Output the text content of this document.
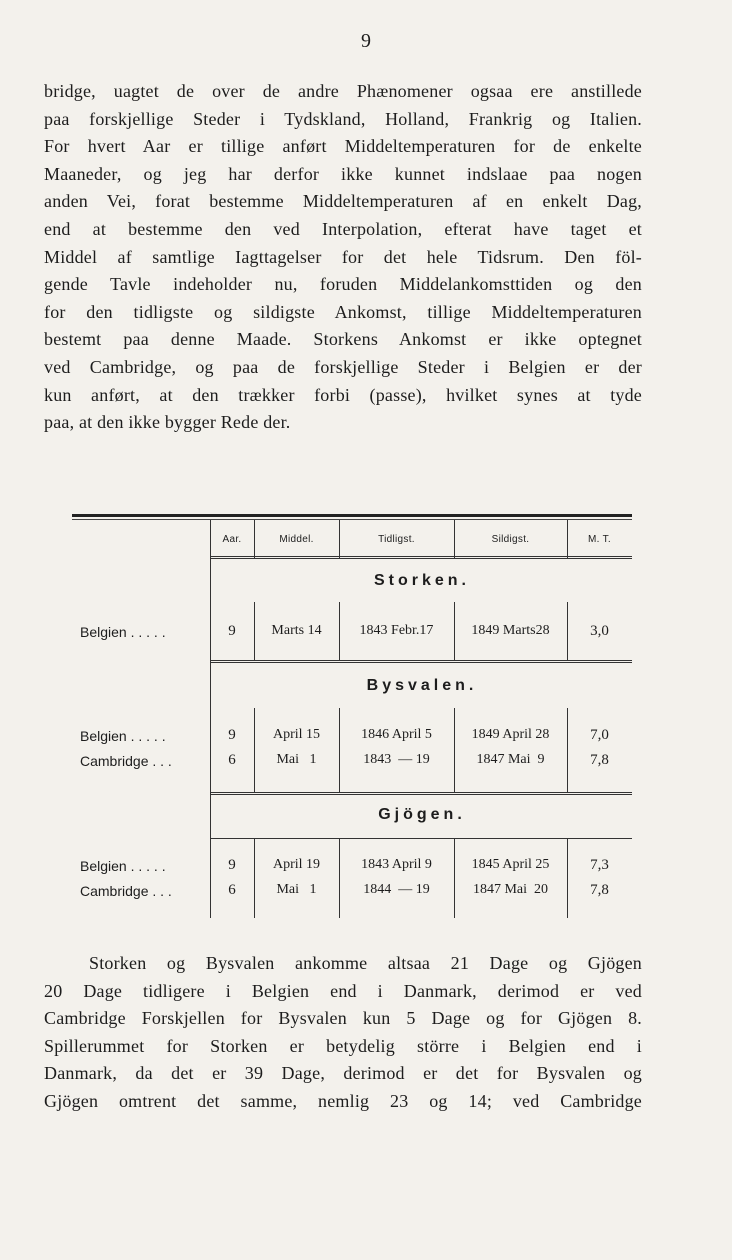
9

bridge, uagtet de over de andre Phænomener ogsaa ere anstillede
paa forskjellige Steder i Tydskland, Holland, Frankrig og Italien.
For hvert Aar er tillige anført Middeltemperaturen for de enkelte
Maaneder, og jeg har derfor ikke kunnet indslaae paa nogen
anden Vei, forat bestemme Middeltemperaturen af en enkelt Dag,
end at bestemme den ved Interpolation, efterat have taget et
Middel af samtlige Iagttagelser for det hele Tidsrum. Den föl-
gende Tavle indeholder nu, foruden Middelankomsttiden og den
for den tidligste og sildigste Ankomst, tillige Middeltemperaturen
bestemt paa denne Maade. Storkens Ankomst er ikke optegnet
ved Cambridge, og paa de forskjellige Steder i Belgien er der
kun anført, at den trækker forbi (passe), hvilket synes at tyde
paa, at den ikke bygger Rede der.

Aar.	Middel.	Tidligst.	Sildigst.	M. T.
Storken.
Belgien . . . . .	9	Marts 14	1843 Febr.17	1849 Marts28	3,0
Bysvalen.
Belgien . . . . .	9	April 15	1846 April 5	1849 April 28	7,0
Cambridge . . .	6	Mai   1	1843  — 19	1847 Mai  9	7,8
Gjögen.
Belgien . . . . .	9	April 19	1843 April 9	1845 April 25	7,3
Cambridge . . .	6	Mai   1	1844  — 19	1847 Mai  20	7,8

Storken og Bysvalen ankomme altsaa 21 Dage og Gjögen
20 Dage tidligere i Belgien end i Danmark, derimod er ved
Cambridge Forskjellen for Bysvalen kun 5 Dage og for Gjögen 8.
Spillerummet for Storken er betydelig större i Belgien end i
Danmark, da det er 39 Dage, derimod er det for Bysvalen og
Gjögen omtrent det samme, nemlig 23 og 14; ved Cambridge
